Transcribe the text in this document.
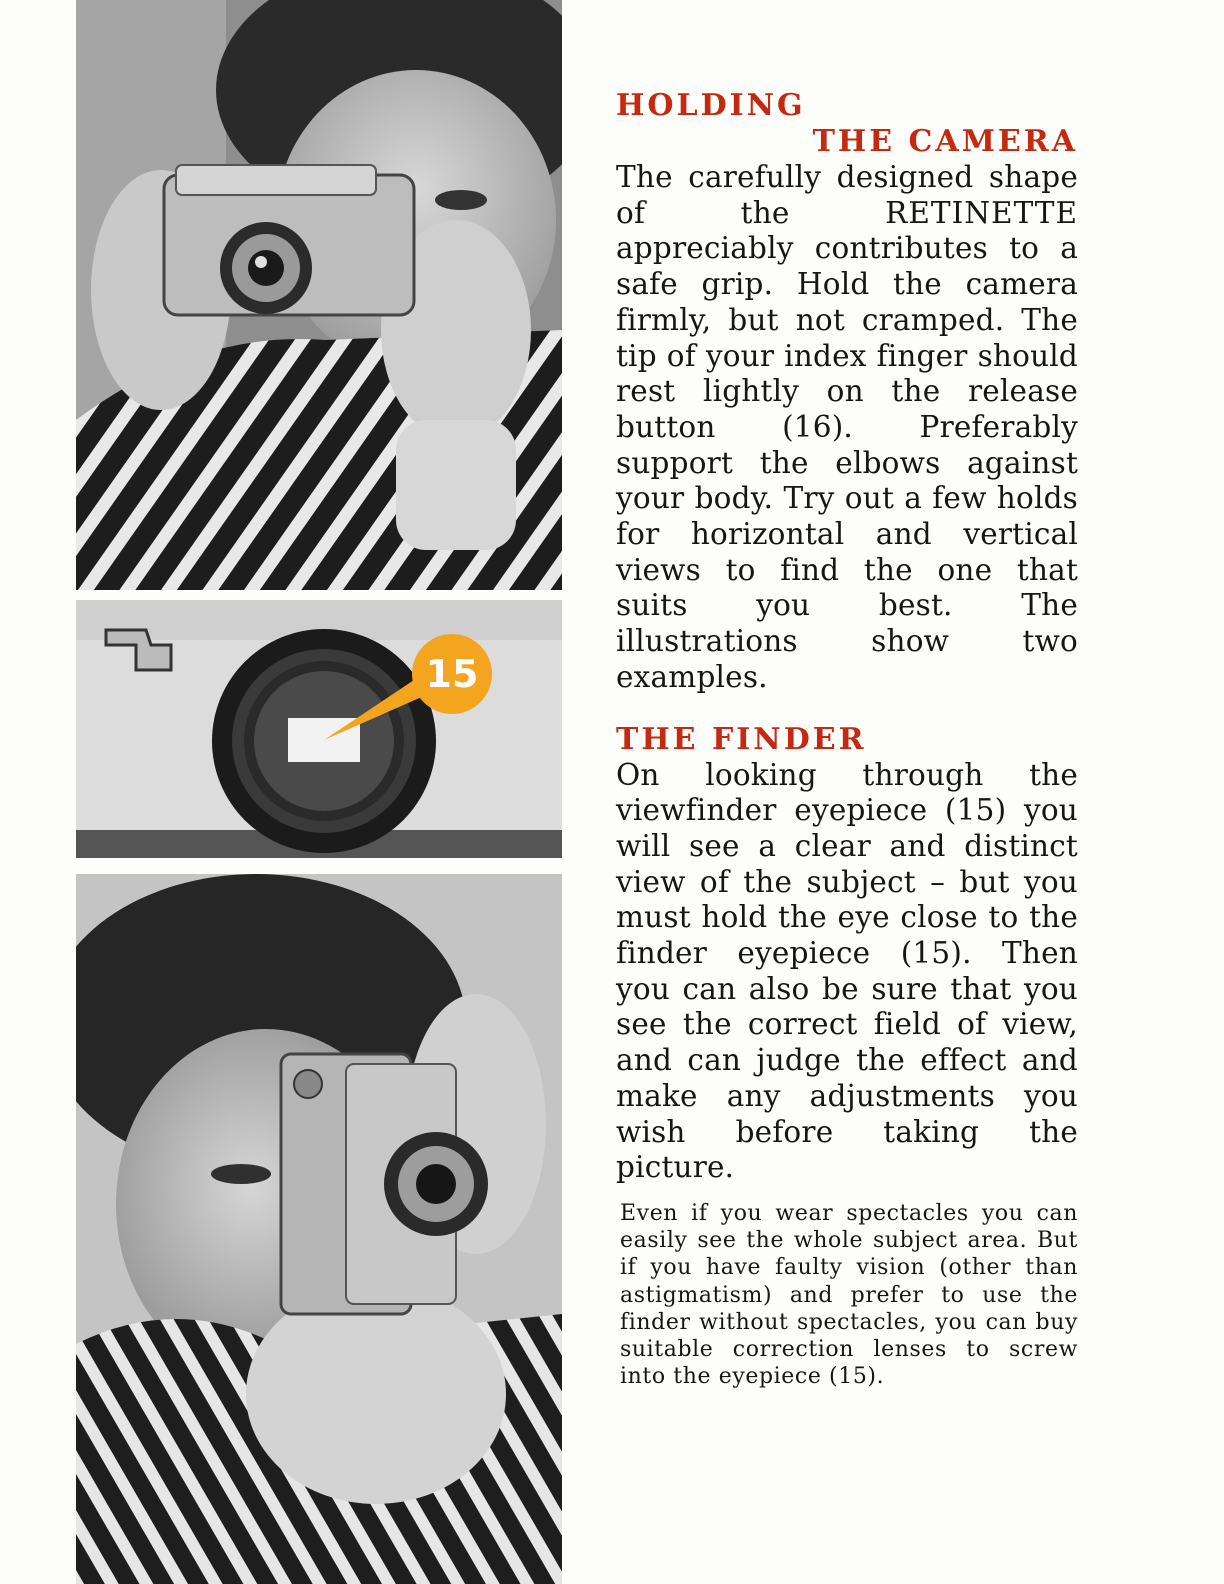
15
HOLDING
THE CAMERA

The carefully designed shape of the RETINETTE appreciably contributes to a safe grip. Hold the camera firmly, but not cramped. The tip of your index finger should rest lightly on the release button (16). Preferably support the elbows against your body. Try out a few holds for horizontal and vertical views to find the one that suits you best. The illustrations show two examples.

THE FINDER

On looking through the viewfinder eyepiece (15) you will see a clear and distinct view of the subject – but you must hold the eye close to the finder eyepiece (15). Then you can also be sure that you see the correct field of view, and can judge the effect and make any adjustments you wish before taking the picture.

Even if you wear spectacles you can easily see the whole subject area. But if you have faulty vision (other than astigmatism) and prefer to use the finder without spectacles, you can buy suitable correction lenses to screw into the eyepiece (15).
